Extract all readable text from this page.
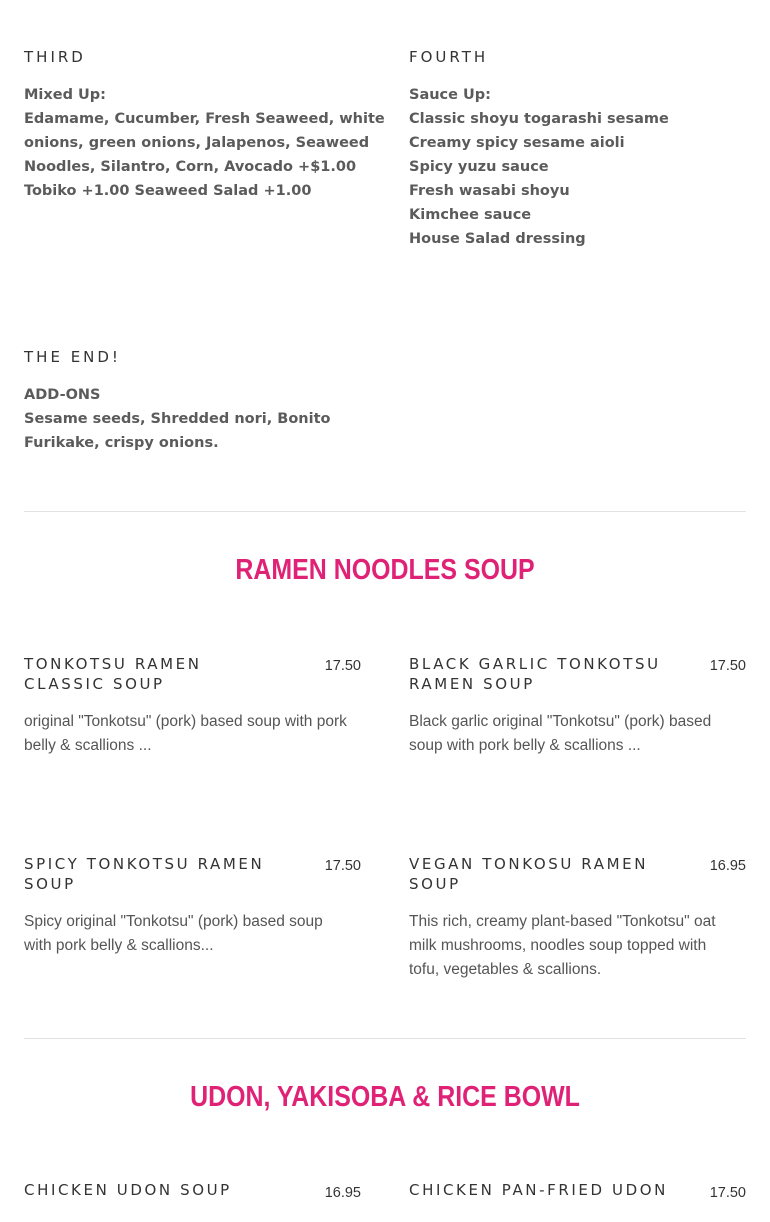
THIRD
Mixed Up:
Edamame, Cucumber, Fresh Seaweed, white
onions, green onions, Jalapenos, Seaweed
Noodles, Silantro, Corn, Avocado +$1.00
Tobiko +1.00 Seaweed Salad +1.00
FOURTH
Sauce Up:
Classic shoyu togarashi sesame
Creamy spicy sesame aioli
Spicy yuzu sauce
Fresh wasabi shoyu
Kimchee sauce
House Salad dressing
THE END!
ADD-ONS
Sesame seeds, Shredded nori, Bonito
Furikake, crispy onions.
RAMEN NOODLES SOUP
TONKOTSU RAMEN
CLASSIC SOUP
17.50
original "Tonkotsu" (pork) based soup with pork
belly & scallions ...
BLACK GARLIC TONKOTSU
RAMEN SOUP
17.50
Black garlic original "Tonkotsu" (pork) based
soup with pork belly & scallions ...
SPICY TONKOTSU RAMEN
SOUP
17.50
Spicy original "Tonkotsu" (pork) based soup
with pork belly & scallions...
VEGAN TONKOSU RAMEN
SOUP
16.95
This rich, creamy plant-based "Tonkotsu" oat
milk mushrooms, noodles soup topped with
tofu, vegetables & scallions.
UDON, YAKISOBA & RICE BOWL
CHICKEN UDON SOUP	16.95	CHICKEN PAN-FRIED UDON	17.50
